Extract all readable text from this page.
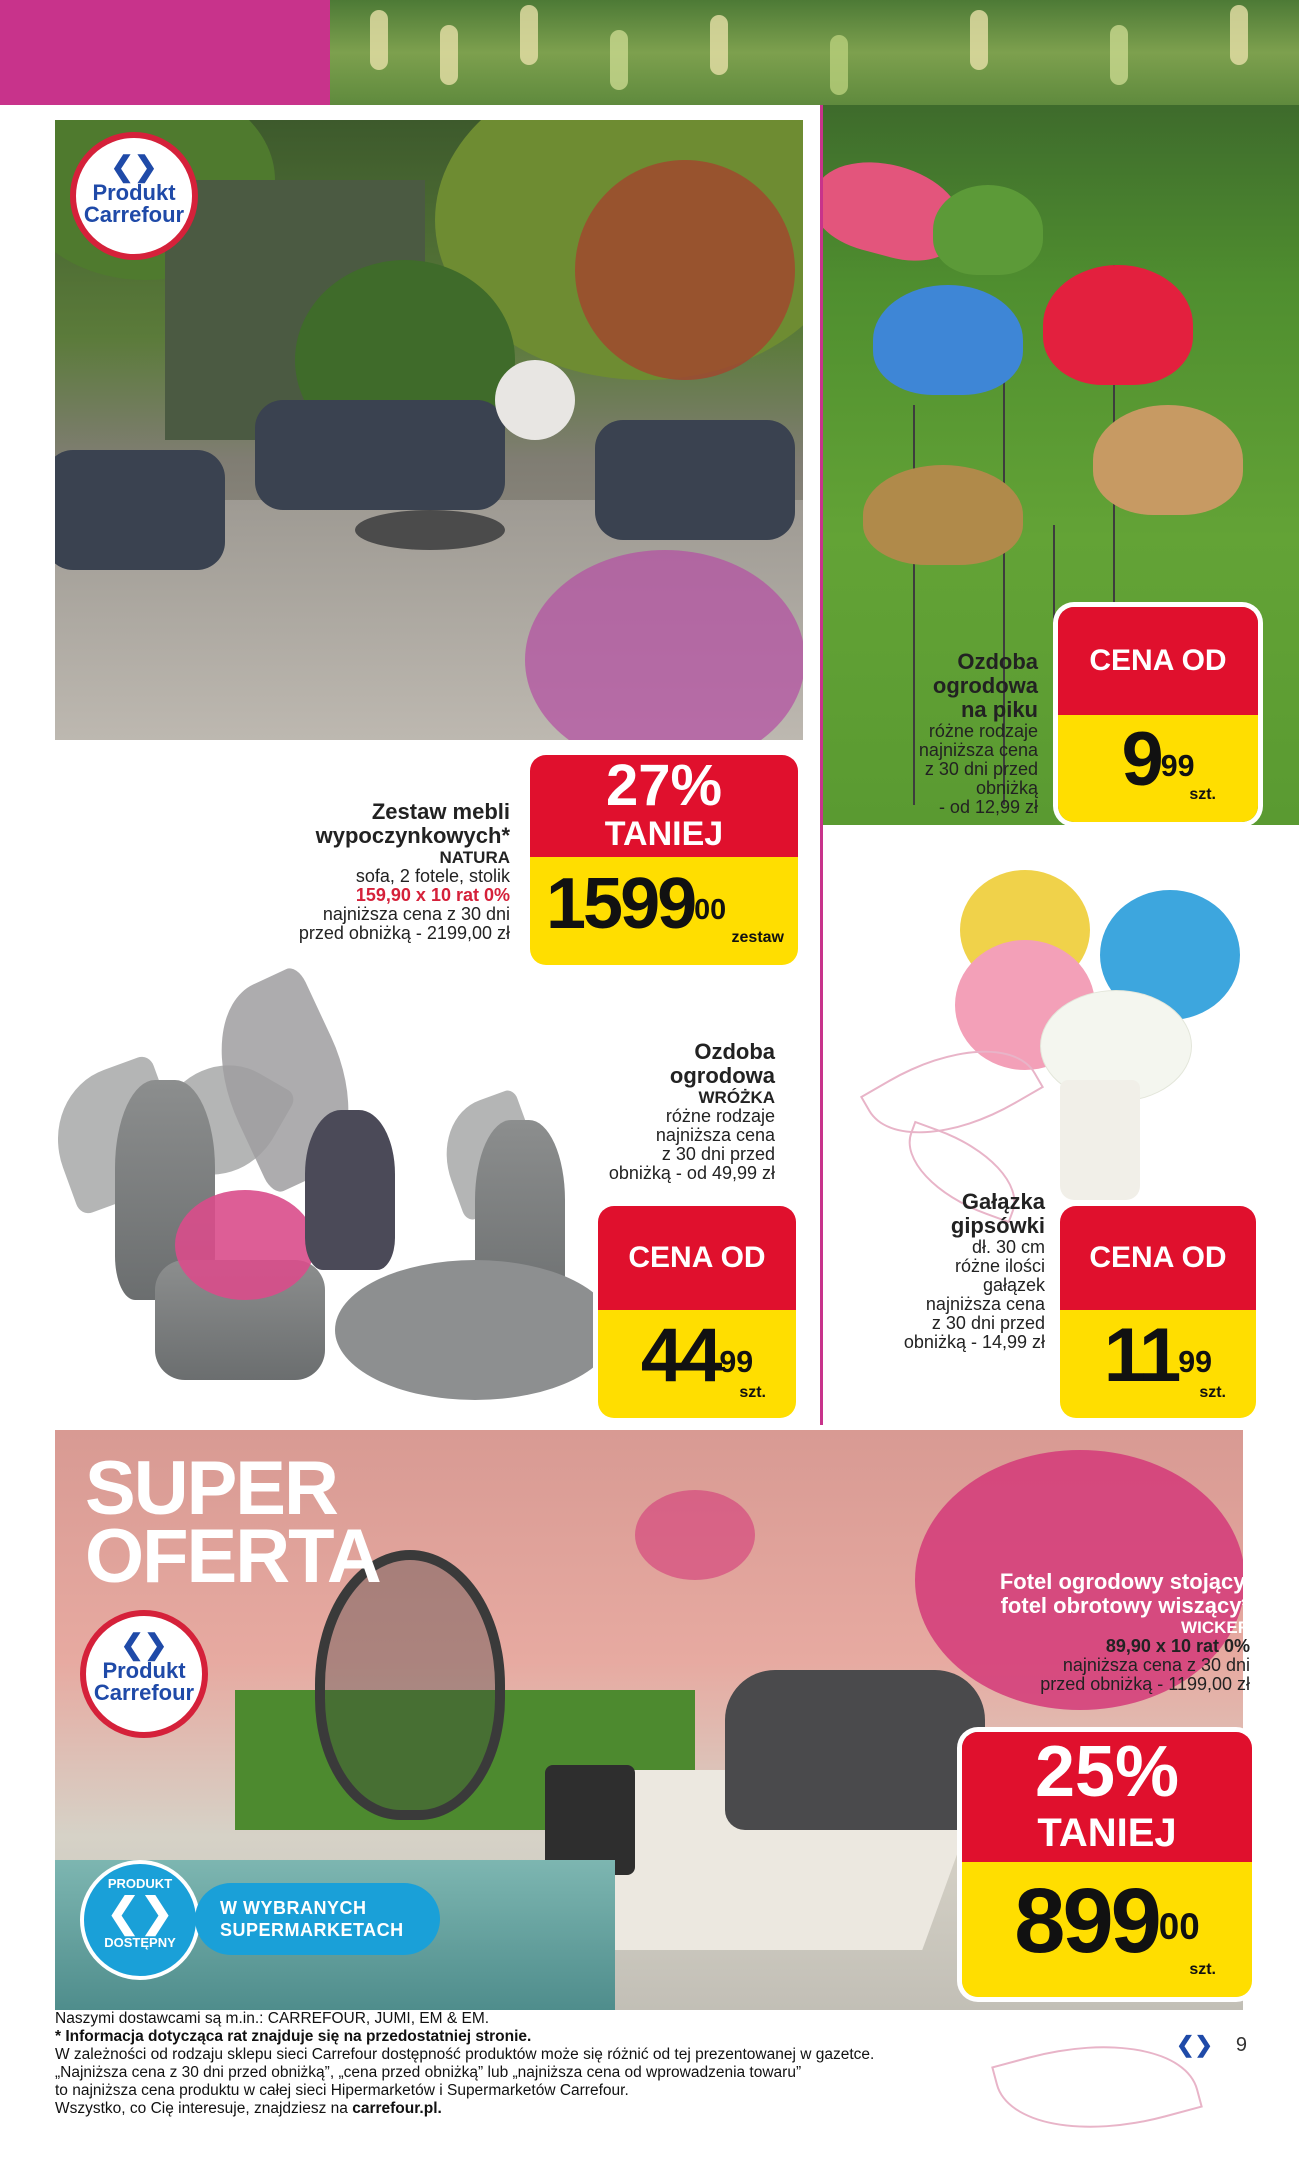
❮❯
Produkt
Carrefour
Ozdoba
ogrodowa
na piku
różne rodzaje
najniższa cena
z 30 dni przed
obniżką
- od 12,99 zł
CENA OD
$9^{99}$
szt.
Zestaw mebli
wypoczynkowych*
NATURA
sofa, 2 fotele, stolik
159,90 x 10 rat 0%
najniższa cena z 30 dni
przed obniżką - 2199,00 zł
27%
TANIEJ
1599$^{00}$
zestaw
Ozdoba
ogrodowa
WRÓŻKA
różne rodzaje
najniższa cena
z 30 dni przed
obniżką - od 49,99 zł
CENA OD
$44^{99}$
szt.
Gałązka
gipsówki
dł. 30 cm
różne ilości
gałązek
najniższa cena
z 30 dni przed
obniżką - 14,99 zł
CENA OD
$11^{99}$
szt.
SUPER
OFERTA
❮❯
Produkt
Carrefour
PRODUKT
❮❯
DOSTĘPNY
W WYBRANYCH
SUPERMARKETACH
Fotel ogrodowy stojący,
fotel obrotowy wiszący*
WICKER
89,90 x 10 rat 0%
najniższa cena z 30 dni
przed obniżką - 1199,00 zł
25%
TANIEJ
$899^{00}$
szt.
Naszymi dostawcami są m.in.: CARREFOUR, JUMI, EM & EM.
* Informacja dotycząca rat znajduje się na przedostatniej stronie.
W zależności od rodzaju sklepu sieci Carrefour dostępność produktów może się różnić od tej prezentowanej w gazetce.
„Najniższa cena z 30 dni przed obniżką”, „cena przed obniżką” lub „najniższa cena od wprowadzenia towaru”
to najniższa cena produktu w całej sieci Hipermarketów i Supermarketów Carrefour.
Wszystko, co Cię interesuje, znajdziesz na carrefour.pl.
❮❯ 9
